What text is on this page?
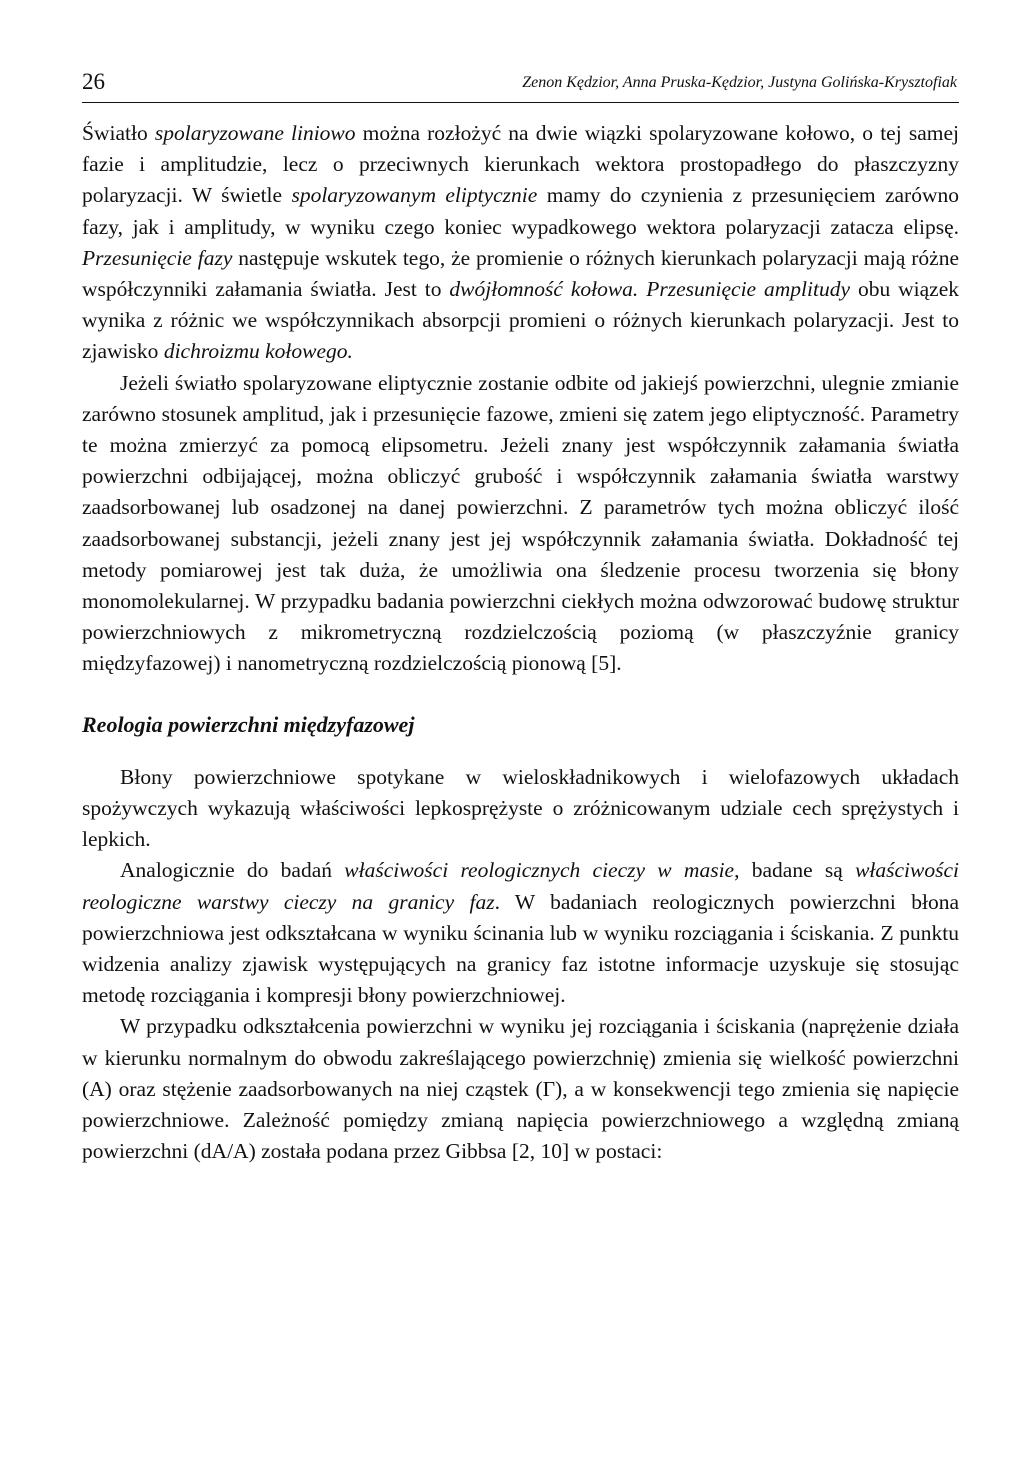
26	Zenon Kędzior, Anna Pruska-Kędzior, Justyna Golińska-Krysztofiak

Światło spolaryzowane liniowo można rozłożyć na dwie wiązki spolaryzowane kołowo, o tej samej fazie i amplitudzie, lecz o przeciwnych kierunkach wektora prostopadłego do płaszczyzny polaryzacji. W świetle spolaryzowanym eliptycznie mamy do czynienia z przesunięciem zarówno fazy, jak i amplitudy, w wyniku czego koniec wypadkowego wektora polaryzacji zatacza elipsę. Przesunięcie fazy następuje wskutek tego, że promienie o różnych kierunkach polaryzacji mają różne współczynniki załamania światła. Jest to dwójłomność kołowa. Przesunięcie amplitudy obu wiązek wynika z różnic we współczynnikach absorpcji promieni o różnych kierunkach polaryzacji. Jest to zjawisko dichroizmu kołowego.

Jeżeli światło spolaryzowane eliptycznie zostanie odbite od jakiejś powierzchni, ulegnie zmianie zarówno stosunek amplitud, jak i przesunięcie fazowe, zmieni się zatem jego eliptyczność. Parametry te można zmierzyć za pomocą elipsometru. Jeżeli znany jest współczynnik załamania światła powierzchni odbijającej, można obliczyć grubość i współczynnik załamania światła warstwy zaadsorbowanej lub osadzonej na danej powierzchni. Z parametrów tych można obliczyć ilość zaadsorbowanej substancji, jeżeli znany jest jej współczynnik załamania światła. Dokładność tej metody pomiarowej jest tak duża, że umożliwia ona śledzenie procesu tworzenia się błony monomolekularnej. W przypadku badania powierzchni ciekłych można odwzorować budowę struktur powierzchniowych z mikrometryczną rozdzielczością poziomą (w płaszczyźnie granicy międzyfazowej) i nanometryczną rozdzielczością pionową [5].

Reologia powierzchni międzyfazowej

Błony powierzchniowe spotykane w wieloskładnikowych i wielofazowych układach spożywczych wykazują właściwości lepkosprężyste o zróżnicowanym udziale cech sprężystych i lepkich.

Analogicznie do badań właściwości reologicznych cieczy w masie, badane są właściwości reologiczne warstwy cieczy na granicy faz. W badaniach reologicznych powierzchni błona powierzchniowa jest odkształcana w wyniku ścinania lub w wyniku rozciągania i ściskania. Z punktu widzenia analizy zjawisk występujących na granicy faz istotne informacje uzyskuje się stosując metodę rozciągania i kompresji błony powierzchniowej.

W przypadku odkształcenia powierzchni w wyniku jej rozciągania i ściskania (naprężenie działa w kierunku normalnym do obwodu zakreślającego powierzchnię) zmienia się wielkość powierzchni (A) oraz stężenie zaadsorbowanych na niej cząstek (Γ), a w konsekwencji tego zmienia się napięcie powierzchniowe. Zależność pomiędzy zmianą napięcia powierzchniowego a względną zmianą powierzchni (dA/A) została podana przez Gibbsa [2, 10] w postaci:
